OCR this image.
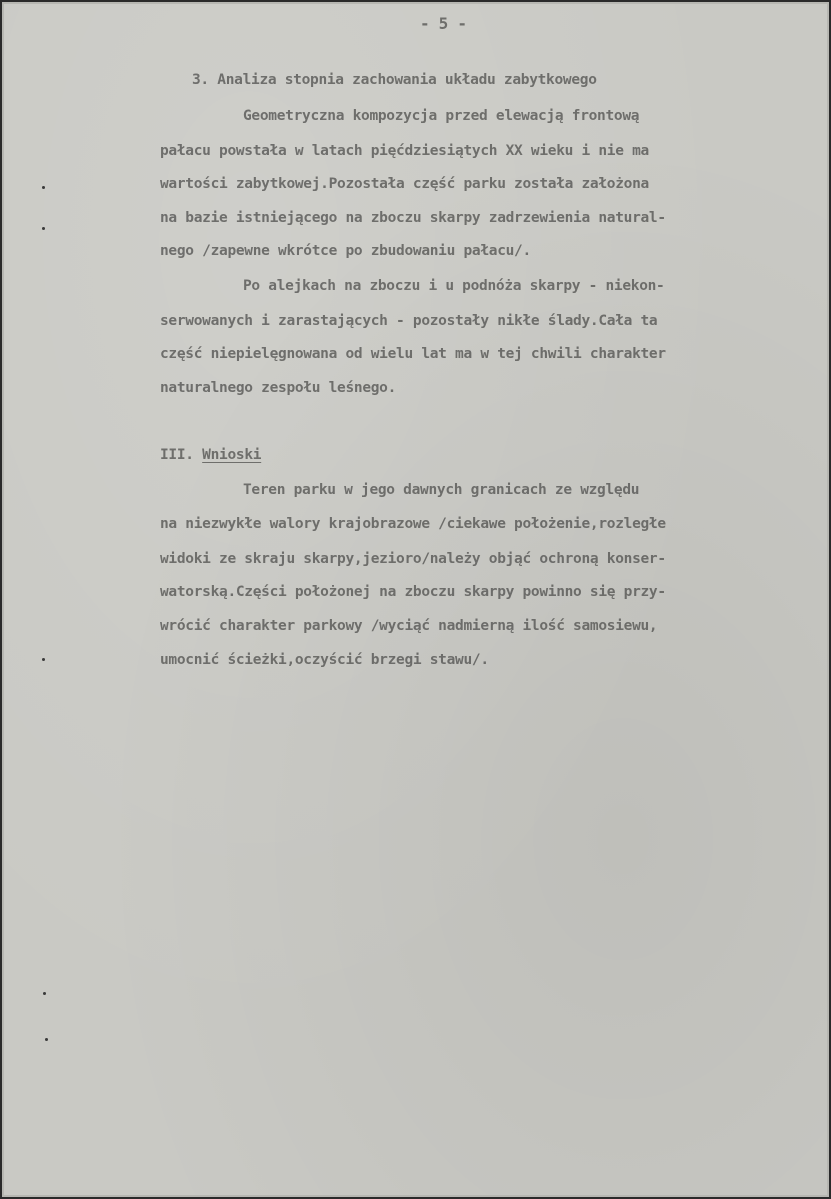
- 5 -
3. Analiza stopnia zachowania układu zabytkowego
Geometryczna kompozycja przed elewacją frontową
pałacu powstała w latach pięćdziesiątych XX wieku i nie ma
wartości zabytkowej.Pozostała część parku została założona
na bazie istniejącego na zboczu skarpy zadrzewienia natural-
nego /zapewne wkrótce po zbudowaniu pałacu/.
Po alejkach na zboczu i u podnóża skarpy - niekon-
serwowanych i zarastających - pozostały nikłe ślady.Cała ta
część niepielęgnowana od wielu lat ma w tej chwili charakter
naturalnego zespołu leśnego.
III. Wnioski
Teren parku w jego dawnych granicach ze względu
na niezwykłe walory krajobrazowe /ciekawe położenie,rozległe
widoki ze skraju skarpy,jezioro/należy objąć ochroną konser-
watorską.Części położonej na zboczu skarpy powinno się przy-
wrócić charakter parkowy /wyciąć nadmierną ilość samosiewu,
umocnić ścieżki,oczyścić brzegi stawu/.
